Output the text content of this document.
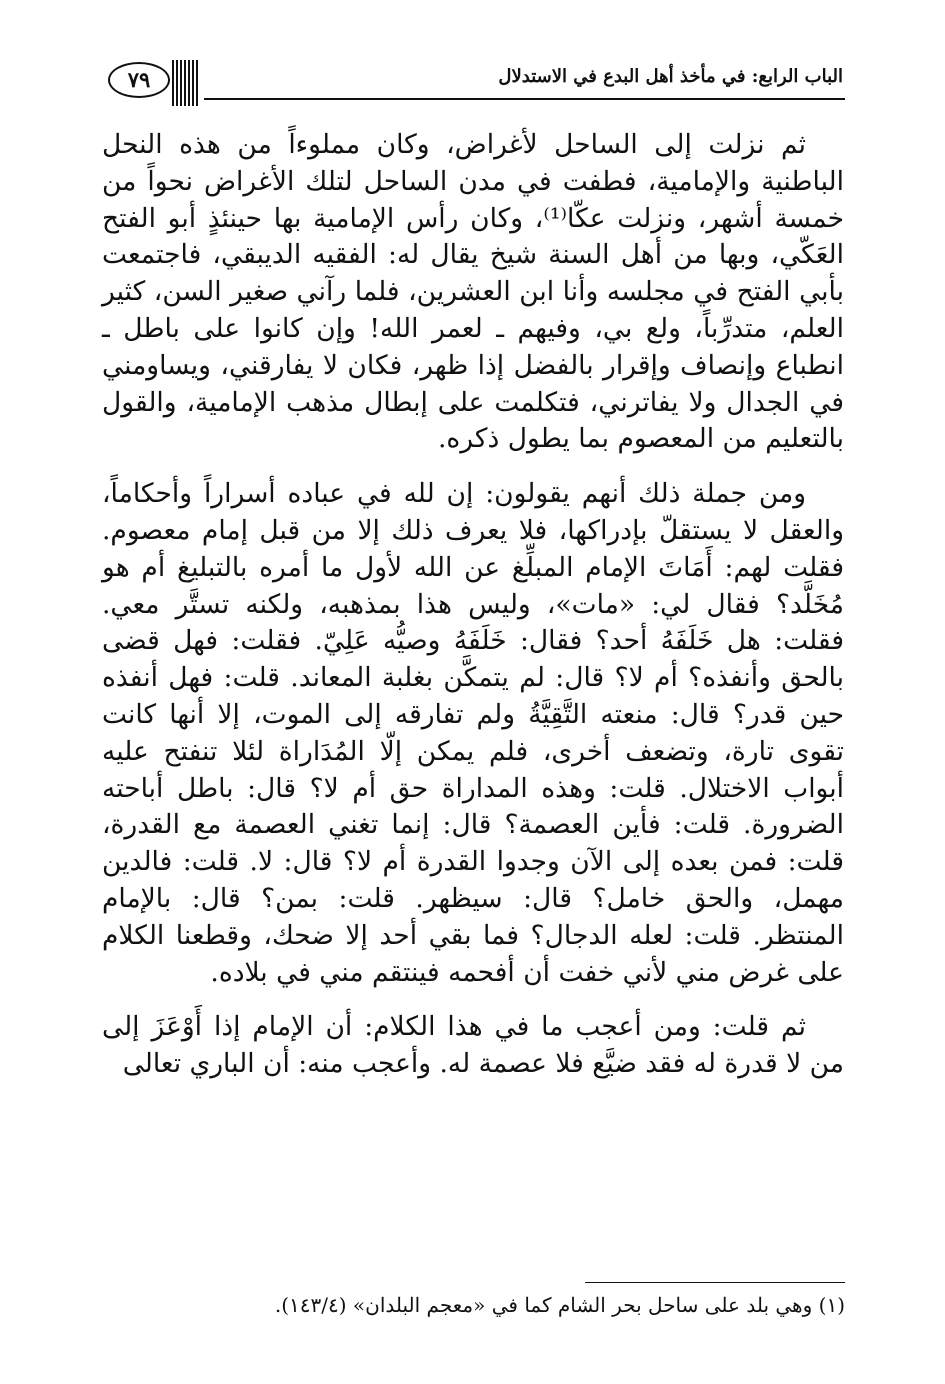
الباب الرابع: في مأخذ أهل البدع في الاستدلال
٧٩

ثم نزلت إلى الساحل لأغراض، وكان مملوءاً من هذه النحل الباطنية والإمامية، فطفت في مدن الساحل لتلك الأغراض نحواً من خمسة أشهر، ونزلت عكّا⁽¹⁾، وكان رأس الإمامية بها حينئذٍ أبو الفتح العَكّي، وبها من أهل السنة شيخ يقال له: الفقيه الديبقي، فاجتمعت بأبي الفتح في مجلسه وأنا ابن العشرين، فلما رآني صغير السن، كثير العلم، متدرِّباً، ولع بي، وفيهم ـ لعمر الله! وإن كانوا على باطل ـ انطباع وإنصاف وإقرار بالفضل إذا ظهر، فكان لا يفارقني، ويساومني في الجدال ولا يفاترني، فتكلمت على إبطال مذهب الإمامية، والقول بالتعليم من المعصوم بما يطول ذكره.

ومن جملة ذلك أنهم يقولون: إن لله في عباده أسراراً وأحكاماً، والعقل لا يستقلّ بإدراكها، فلا يعرف ذلك إلا من قبل إمام معصوم. فقلت لهم: أَمَاتَ الإمام المبلِّغ عن الله لأول ما أمره بالتبليغ أم هو مُخَلَّد؟ فقال لي: «مات»، وليس هذا بمذهبه، ولكنه تستَّر معي. فقلت: هل خَلَفَهُ أحد؟ فقال: خَلَفَهُ وصيُّه عَلِيّ. فقلت: فهل قضى بالحق وأنفذه؟ أم لا؟ قال: لم يتمكَّن بغلبة المعاند. قلت: فهل أنفذه حين قدر؟ قال: منعته التَّقِيَّةُ ولم تفارقه إلى الموت، إلا أنها كانت تقوى تارة، وتضعف أخرى، فلم يمكن إلّا المُدَاراة لئلا تنفتح عليه أبواب الاختلال. قلت: وهذه المداراة حق أم لا؟ قال: باطل أباحته الضرورة. قلت: فأين العصمة؟ قال: إنما تغني العصمة مع القدرة، قلت: فمن بعده إلى الآن وجدوا القدرة أم لا؟ قال: لا. قلت: فالدين مهمل، والحق خامل؟ قال: سيظهر. قلت: بمن؟ قال: بالإمام المنتظر. قلت: لعله الدجال؟ فما بقي أحد إلا ضحك، وقطعنا الكلام على غرض مني لأني خفت أن أفحمه فينتقم مني في بلاده.

ثم قلت: ومن أعجب ما في هذا الكلام: أن الإمام إذا أَوْعَزَ إلى من لا قدرة له فقد ضيَّع فلا عصمة له. وأعجب منه: أن الباري تعالى

(١) وهي بلد على ساحل بحر الشام كما في «معجم البلدان» (١٤٣/٤).
